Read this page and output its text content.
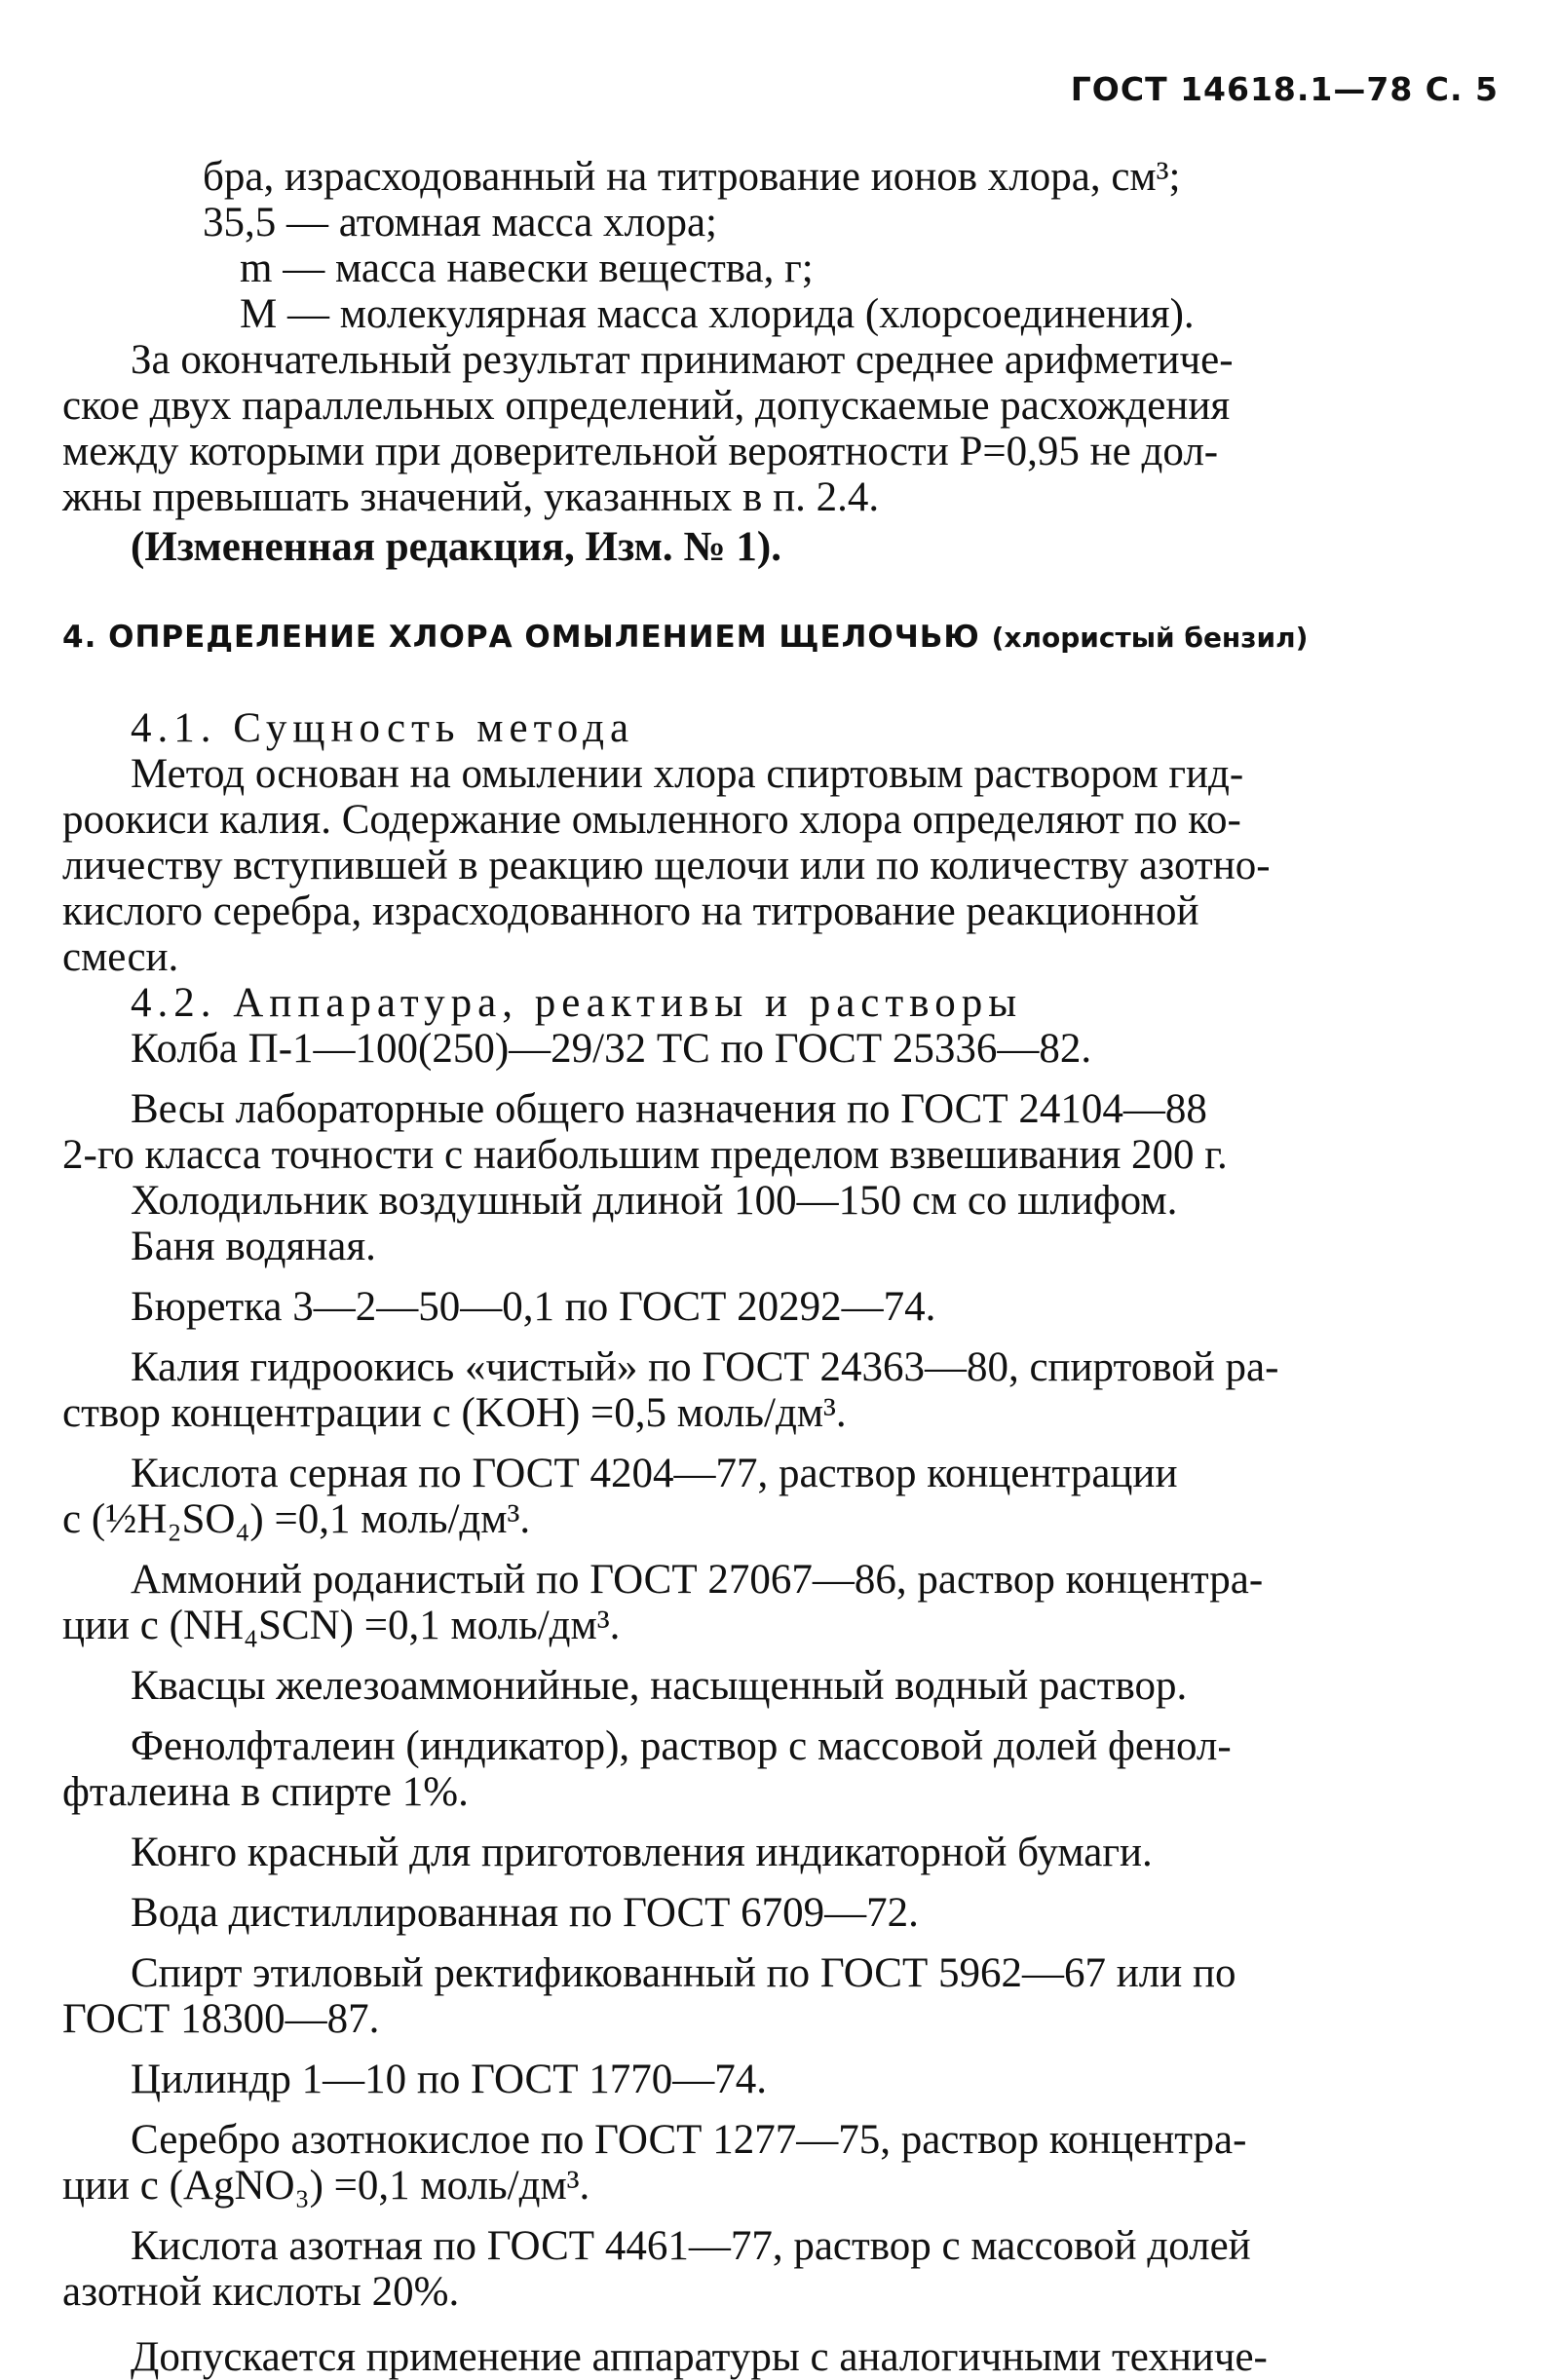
ГОСТ 14618.1—78 С. 5
бра, израсходованный на титрование ионов хлора, см³;
35,5 — атомная масса хлора;
m — масса навески вещества, г;
M — молекулярная масса хлорида (хлорсоединения).
За окончательный результат принимают среднее арифметиче-
ское двух параллельных определений, допускаемые расхождения
между которыми при доверительной вероятности P=0,95 не дол-
жны превышать значений, указанных в п. 2.4.
(Измененная редакция, Изм. № 1).
4. ОПРЕДЕЛЕНИЕ ХЛОРА ОМЫЛЕНИЕМ ЩЕЛОЧЬЮ (хлористый бензил)
4.1. Сущность метода
Метод основан на омылении хлора спиртовым раствором гид-
роокиси калия. Содержание омыленного хлора определяют по ко-
личеству вступившей в реакцию щелочи или по количеству азотно-
кислого серебра, израсходованного на титрование реакционной
смеси.
4.2. Аппаратура, реактивы и растворы
Колба П-1—100(250)—29/32 ТС по ГОСТ 25336—82.
Весы лабораторные общего назначения по ГОСТ 24104—88
2-го класса точности с наибольшим пределом взвешивания 200 г.
Холодильник воздушный длиной 100—150 см со шлифом.
Баня водяная.
Бюретка 3—2—50—0,1 по ГОСТ 20292—74.
Калия гидроокись «чистый» по ГОСТ 24363—80, спиртовой ра-
створ концентрации c (KOH) =0,5 моль/дм³.
Кислота серная по ГОСТ 4204—77, раствор концентрации
c (½H₂SO₄) =0,1 моль/дм³.
Аммоний роданистый по ГОСТ 27067—86, раствор концентра-
ции c (NH₄SCN) =0,1 моль/дм³.
Квасцы железоаммонийные, насыщенный водный раствор.
Фенолфталеин (индикатор), раствор с массовой долей фенол-
фталеина в спирте 1%.
Конго красный для приготовления индикаторной бумаги.
Вода дистиллированная по ГОСТ 6709—72.
Спирт этиловый ректификованный по ГОСТ 5962—67 или по
ГОСТ 18300—87.
Цилиндр 1—10 по ГОСТ 1770—74.
Серебро азотнокислое по ГОСТ 1277—75, раствор концентра-
ции c (AgNO₃) =0,1 моль/дм³.
Кислота азотная по ГОСТ 4461—77, раствор с массовой долей
азотной кислоты 20%.
Допускается применение аппаратуры с аналогичными техниче-
